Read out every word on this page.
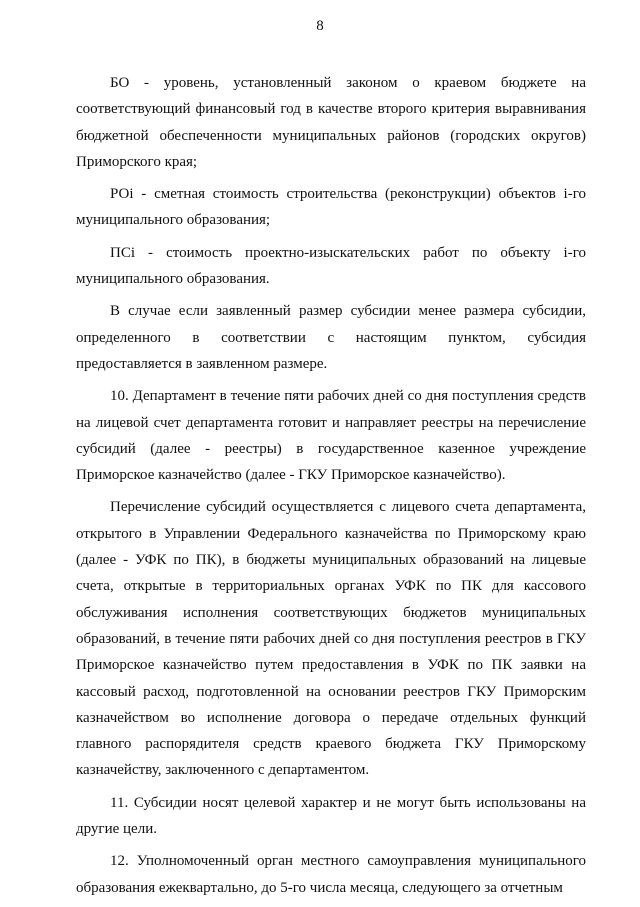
8

БО - уровень, установленный законом о краевом бюджете на соответствующий финансовый год в качестве второго критерия выравнивания бюджетной обеспеченности муниципальных районов (городских округов) Приморского края;

РОi - сметная стоимость строительства (реконструкции) объектов i-го муниципального образования;

ПСi - стоимость проектно-изыскательских работ по объекту i-го муниципального образования.

В случае если заявленный размер субсидии менее размера субсидии, определенного в соответствии с настоящим пунктом, субсидия предоставляется в заявленном размере.

10. Департамент в течение пяти рабочих дней со дня поступления средств на лицевой счет департамента готовит и направляет реестры на перечисление субсидий (далее - реестры) в государственное казенное учреждение Приморское казначейство (далее - ГКУ Приморское казначейство).

Перечисление субсидий осуществляется с лицевого счета департамента, открытого в Управлении Федерального казначейства по Приморскому краю (далее - УФК по ПК), в бюджеты муниципальных образований на лицевые счета, открытые в территориальных органах УФК по ПК для кассового обслуживания исполнения соответствующих бюджетов муниципальных образований, в течение пяти рабочих дней со дня поступления реестров в ГКУ Приморское казначейство путем предоставления в УФК по ПК заявки на кассовый расход, подготовленной на основании реестров ГКУ Приморским казначейством во исполнение договора о передаче отдельных функций главного распорядителя средств краевого бюджета ГКУ Приморскому казначейству, заключенного с департаментом.

11. Субсидии носят целевой характер и не могут быть использованы на другие цели.

12. Уполномоченный орган местного самоуправления муниципального образования ежеквартально, до 5-го числа месяца, следующего за отчетным
